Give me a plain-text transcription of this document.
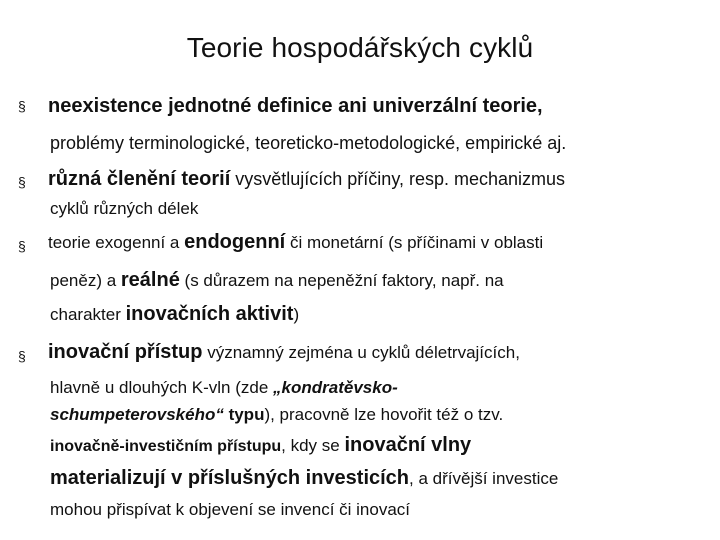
Teorie hospodářských cyklů
§ neexistence jednotné definice ani univerzální teorie,
problémy terminologické, teoreticko-metodologické, empirické aj.
§ různá členění teorií vysvětlujících příčiny, resp. mechanizmus
cyklů různých délek
§ teorie exogenní a endogenní či monetární (s příčinami v oblasti
peněz) a reálné (s důrazem na nepeněžní faktory, např. na
charakter inovačních aktivit)
§ inovační přístup významný zejména u cyklů déletrvajících,
hlavně u dlouhých K-vln (zde „kondratěvsko-
schumpeterovského“ typu), pracovně lze hovořit též o tzv.
inovačně-investičním přístupu, kdy se inovační vlny
materializují v příslušných investicích, a dřívější investice
mohou přispívat k objevení se invencí či inovací
